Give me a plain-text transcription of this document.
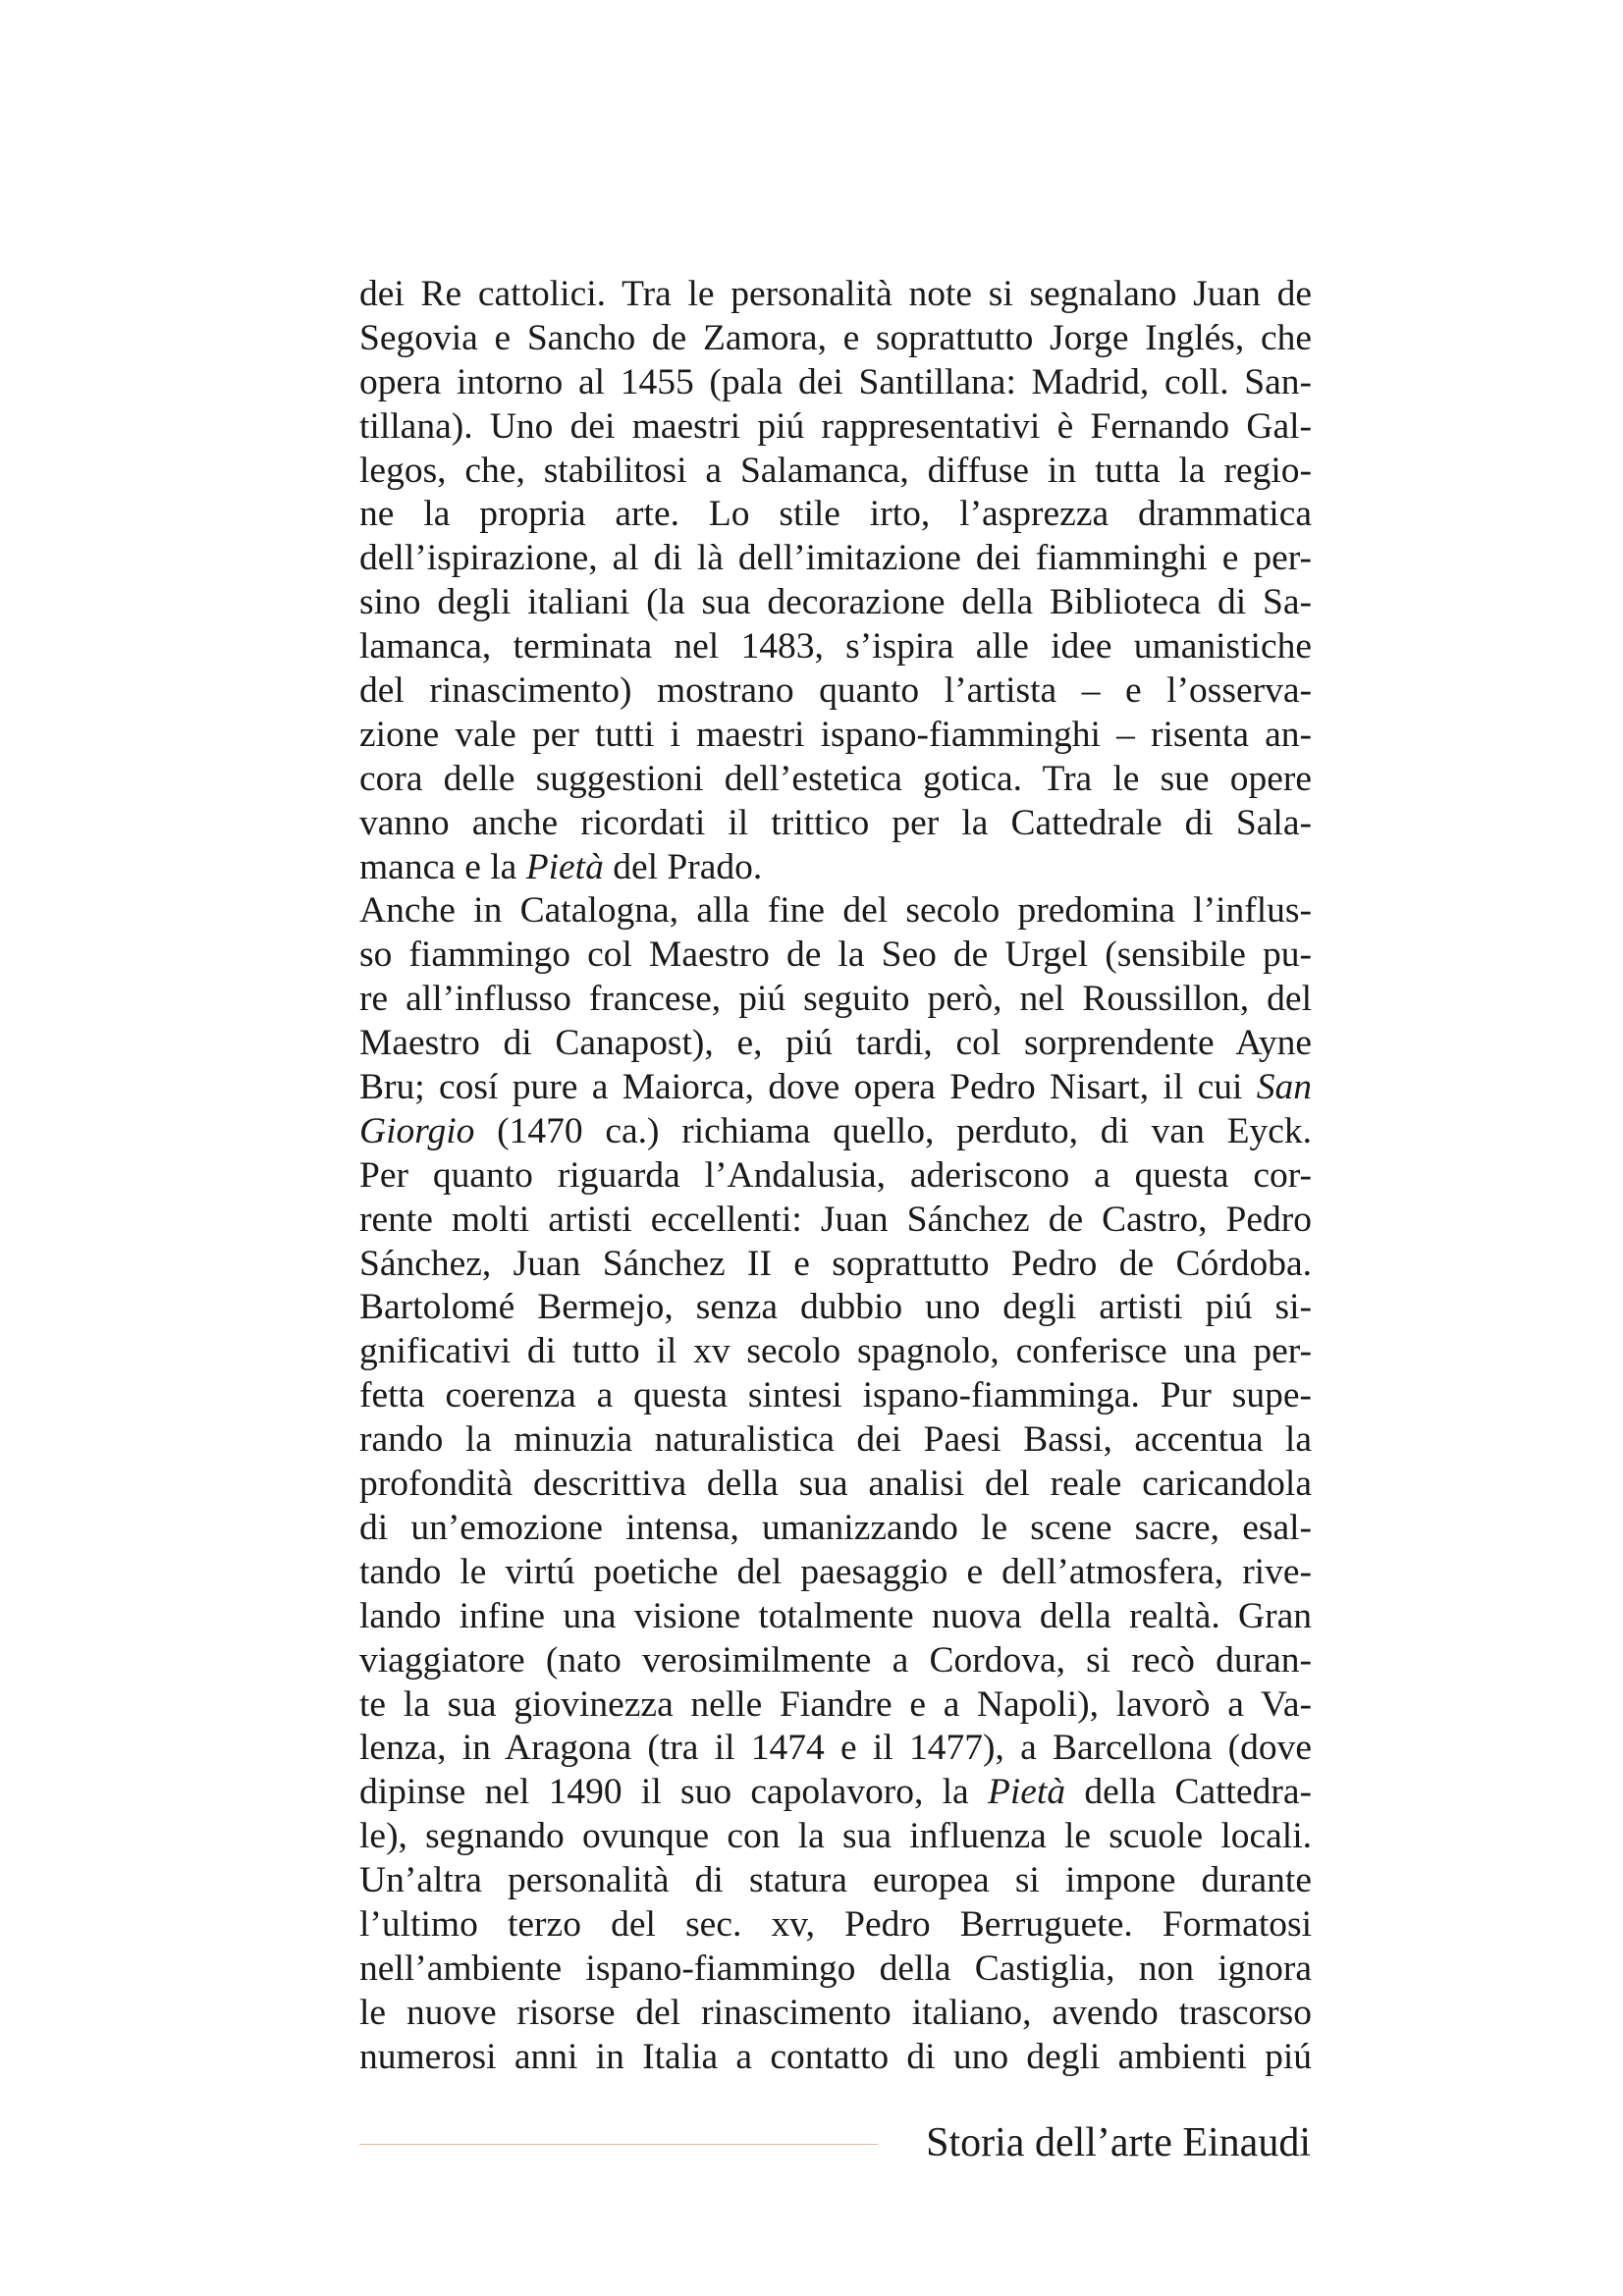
dei Re cattolici. Tra le personalità note si segnalano Juan de
Segovia e Sancho de Zamora, e soprattutto Jorge Inglés, che
opera intorno al 1455 (pala dei Santillana: Madrid, coll. San-
tillana). Uno dei maestri piú rappresentativi è Fernando Gal-
legos, che, stabilitosi a Salamanca, diffuse in tutta la regio-
ne la propria arte. Lo stile irto, l’asprezza drammatica
dell’ispirazione, al di là dell’imitazione dei fiamminghi e per-
sino degli italiani (la sua decorazione della Biblioteca di Sa-
lamanca, terminata nel 1483, s’ispira alle idee umanistiche
del rinascimento) mostrano quanto l’artista – e l’osserva-
zione vale per tutti i maestri ispano-fiamminghi – risenta an-
cora delle suggestioni dell’estetica gotica. Tra le sue opere
vanno anche ricordati il trittico per la Cattedrale di Sala-
manca e la Pietà del Prado.
Anche in Catalogna, alla fine del secolo predomina l’influs-
so fiammingo col Maestro de la Seo de Urgel (sensibile pu-
re all’influsso francese, piú seguito però, nel Roussillon, del
Maestro di Canapost), e, piú tardi, col sorprendente Ayne
Bru; cosí pure a Maiorca, dove opera Pedro Nisart, il cui San
Giorgio (1470 ca.) richiama quello, perduto, di van Eyck.
Per quanto riguarda l’Andalusia, aderiscono a questa cor-
rente molti artisti eccellenti: Juan Sánchez de Castro, Pedro
Sánchez, Juan Sánchez II e soprattutto Pedro de Córdoba.
Bartolomé Bermejo, senza dubbio uno degli artisti piú si-
gnificativi di tutto il xv secolo spagnolo, conferisce una per-
fetta coerenza a questa sintesi ispano-fiamminga. Pur supe-
rando la minuzia naturalistica dei Paesi Bassi, accentua la
profondità descrittiva della sua analisi del reale caricandola
di un’emozione intensa, umanizzando le scene sacre, esal-
tando le virtú poetiche del paesaggio e dell’atmosfera, rive-
lando infine una visione totalmente nuova della realtà. Gran
viaggiatore (nato verosimilmente a Cordova, si recò duran-
te la sua giovinezza nelle Fiandre e a Napoli), lavorò a Va-
lenza, in Aragona (tra il 1474 e il 1477), a Barcellona (dove
dipinse nel 1490 il suo capolavoro, la Pietà della Cattedra-
le), segnando ovunque con la sua influenza le scuole locali.
Un’altra personalità di statura europea si impone durante
l’ultimo terzo del sec. xv, Pedro Berruguete. Formatosi
nell’ambiente ispano-fiammingo della Castiglia, non ignora
le nuove risorse del rinascimento italiano, avendo trascorso
numerosi anni in Italia a contatto di uno degli ambienti piú
Storia dell’arte Einaudi
